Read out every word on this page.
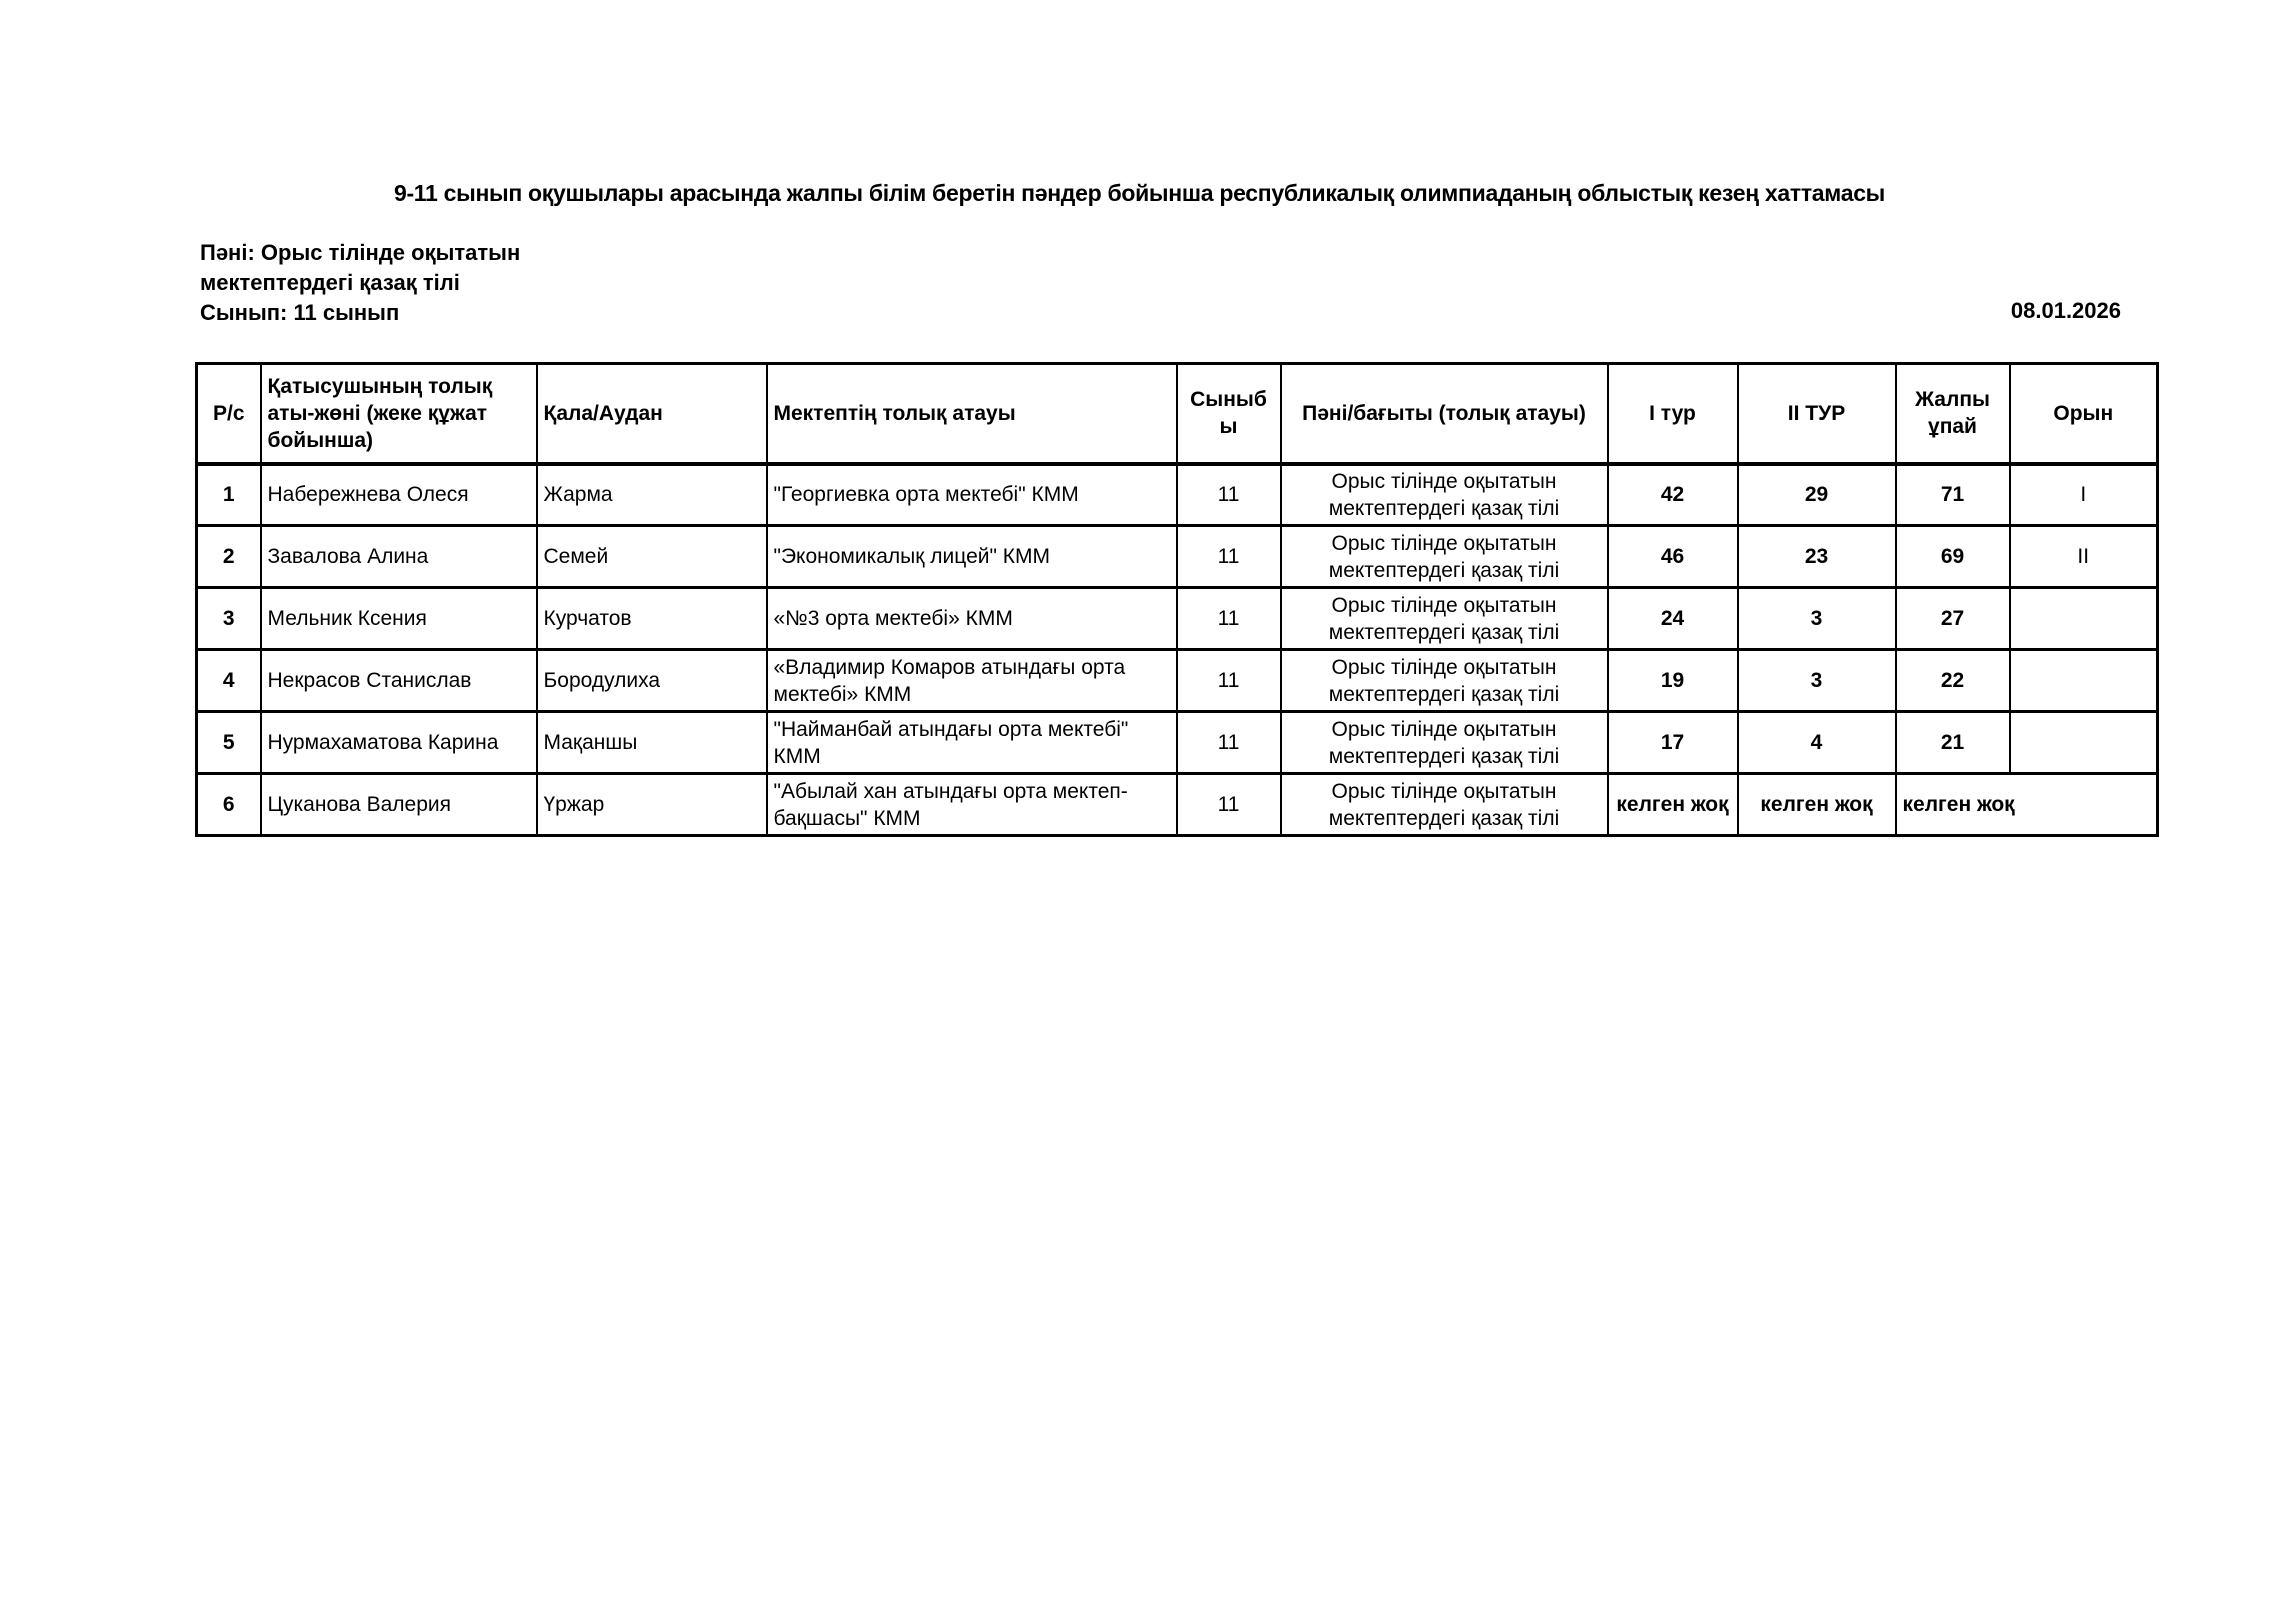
9-11 сынып оқушылары арасында жалпы білім беретін пәндер бойынша республикалық олимпиаданың облыстық кезең хаттамасы
Пәні: Орыс тілінде оқытатын
мектептердегі қазақ тілі
Сынып: 11 сынып	08.01.2026
Р/с	Қатысушының толық аты-жөні (жеке құжат бойынша)	Қала/Аудан	Мектептің толық атауы	Сыныбы	Пәні/бағыты (толық атауы)	I тур	II ТУР	Жалпы ұпай	Орын
1	Набережнева Олеся	Жарма	"Георгиевка орта мектебі" КММ	11	Орыс тілінде оқытатын мектептердегі қазақ тілі	42	29	71	I
2	Завалова Алина	Семей	"Экономикалық лицей" КММ	11	Орыс тілінде оқытатын мектептердегі қазақ тілі	46	23	69	II
3	Мельник Ксения	Курчатов	«№3 орта мектебі» КММ	11	Орыс тілінде оқытатын мектептердегі қазақ тілі	24	3	27	
4	Некрасов Станислав	Бородулиха	«Владимир Комаров атындағы орта мектебі» КММ	11	Орыс тілінде оқытатын мектептердегі қазақ тілі	19	3	22	
5	Нурмахаматова Карина	Мақаншы	"Найманбай атындағы орта мектебі" КММ	11	Орыс тілінде оқытатын мектептердегі қазақ тілі	17	4	21	
6	Цуканова Валерия	Үржар	"Абылай хан атындағы орта мектеп-бақшасы" КММ	11	Орыс тілінде оқытатын мектептердегі қазақ тілі	келген жоқ	келген жоқ	келген жоқ	
